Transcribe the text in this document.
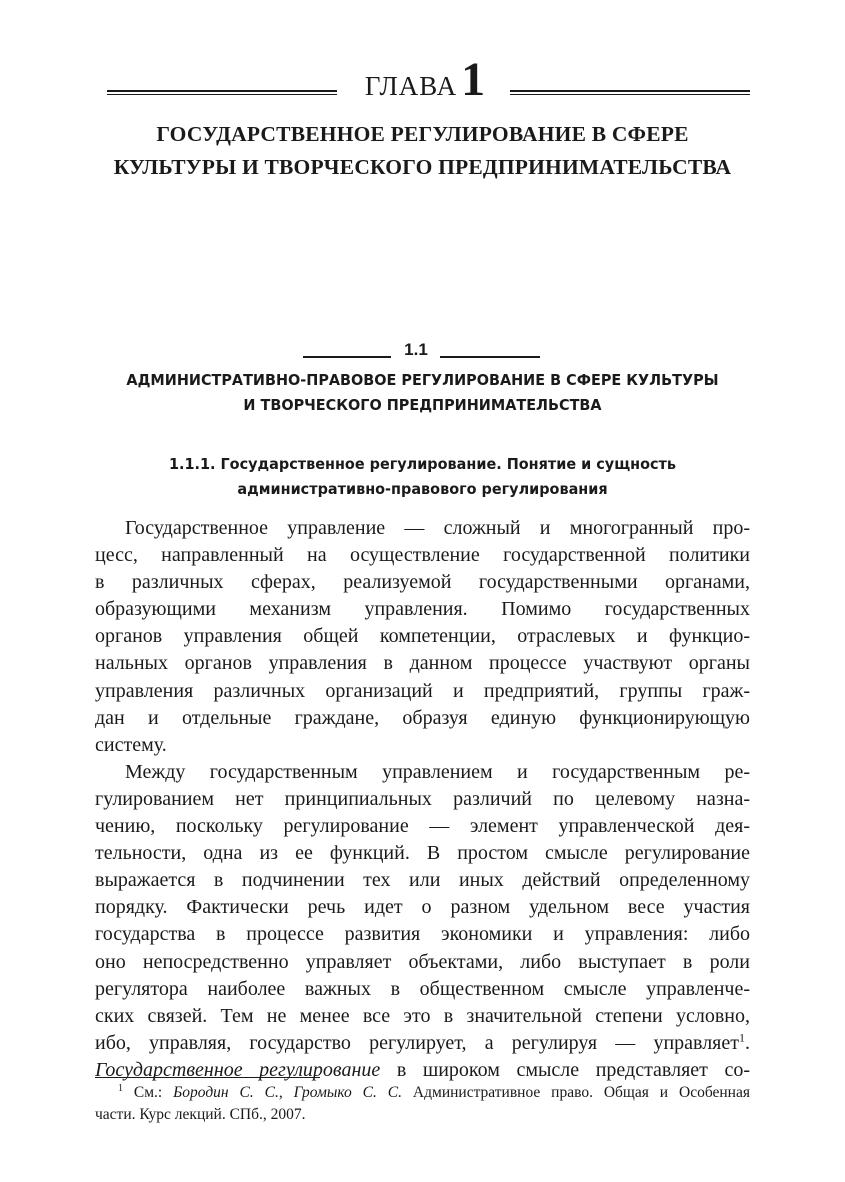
ГЛАВА1
ГОСУДАРСТВЕННОЕ РЕГУЛИРОВАНИЕ В СФЕРЕ
КУЛЬТУРЫ И ТВОРЧЕСКОГО ПРЕДПРИНИМАТЕЛЬСТВА
1.1
АДМИНИСТРАТИВНО-ПРАВОВОЕ РЕГУЛИРОВАНИЕ В СФЕРЕ КУЛЬТУРЫ
И ТВОРЧЕСКОГО ПРЕДПРИНИМАТЕЛЬСТВА
1.1.1. Государственное регулирование. Понятие и сущность
административно-правового регулирования
Государственное управление — сложный и многогранный про-
цесс, направленный на осуществление государственной политики
в различных сферах, реализуемой государственными органами,
образующими механизм управления. Помимо государственных
органов управления общей компетенции, отраслевых и функцио-
нальных органов управления в данном процессе участвуют органы
управления различных организаций и предприятий, группы граж-
дан и отдельные граждане, образуя единую функционирующую
систему.
Между государственным управлением и государственным ре-
гулированием нет принципиальных различий по целевому назна-
чению, поскольку регулирование — элемент управленческой дея-
тельности, одна из ее функций. В простом смысле регулирование
выражается в подчинении тех или иных действий определенному
порядку. Фактически речь идет о разном удельном весе участия
государства в процессе развития экономики и управления: либо
оно непосредственно управляет объектами, либо выступает в роли
регулятора наиболее важных в общественном смысле управленче-
ских связей. Тем не менее все это в значительной степени условно,
ибо, управляя, государство регулирует, а регулируя — управляет$^1$.
Государственное регулирование в широком смысле представляет со-
$^1$ См.: Бородин С. С., Громыко С. С. Административное право. Общая и Особенная
части. Курс лекций. СПб., 2007.
